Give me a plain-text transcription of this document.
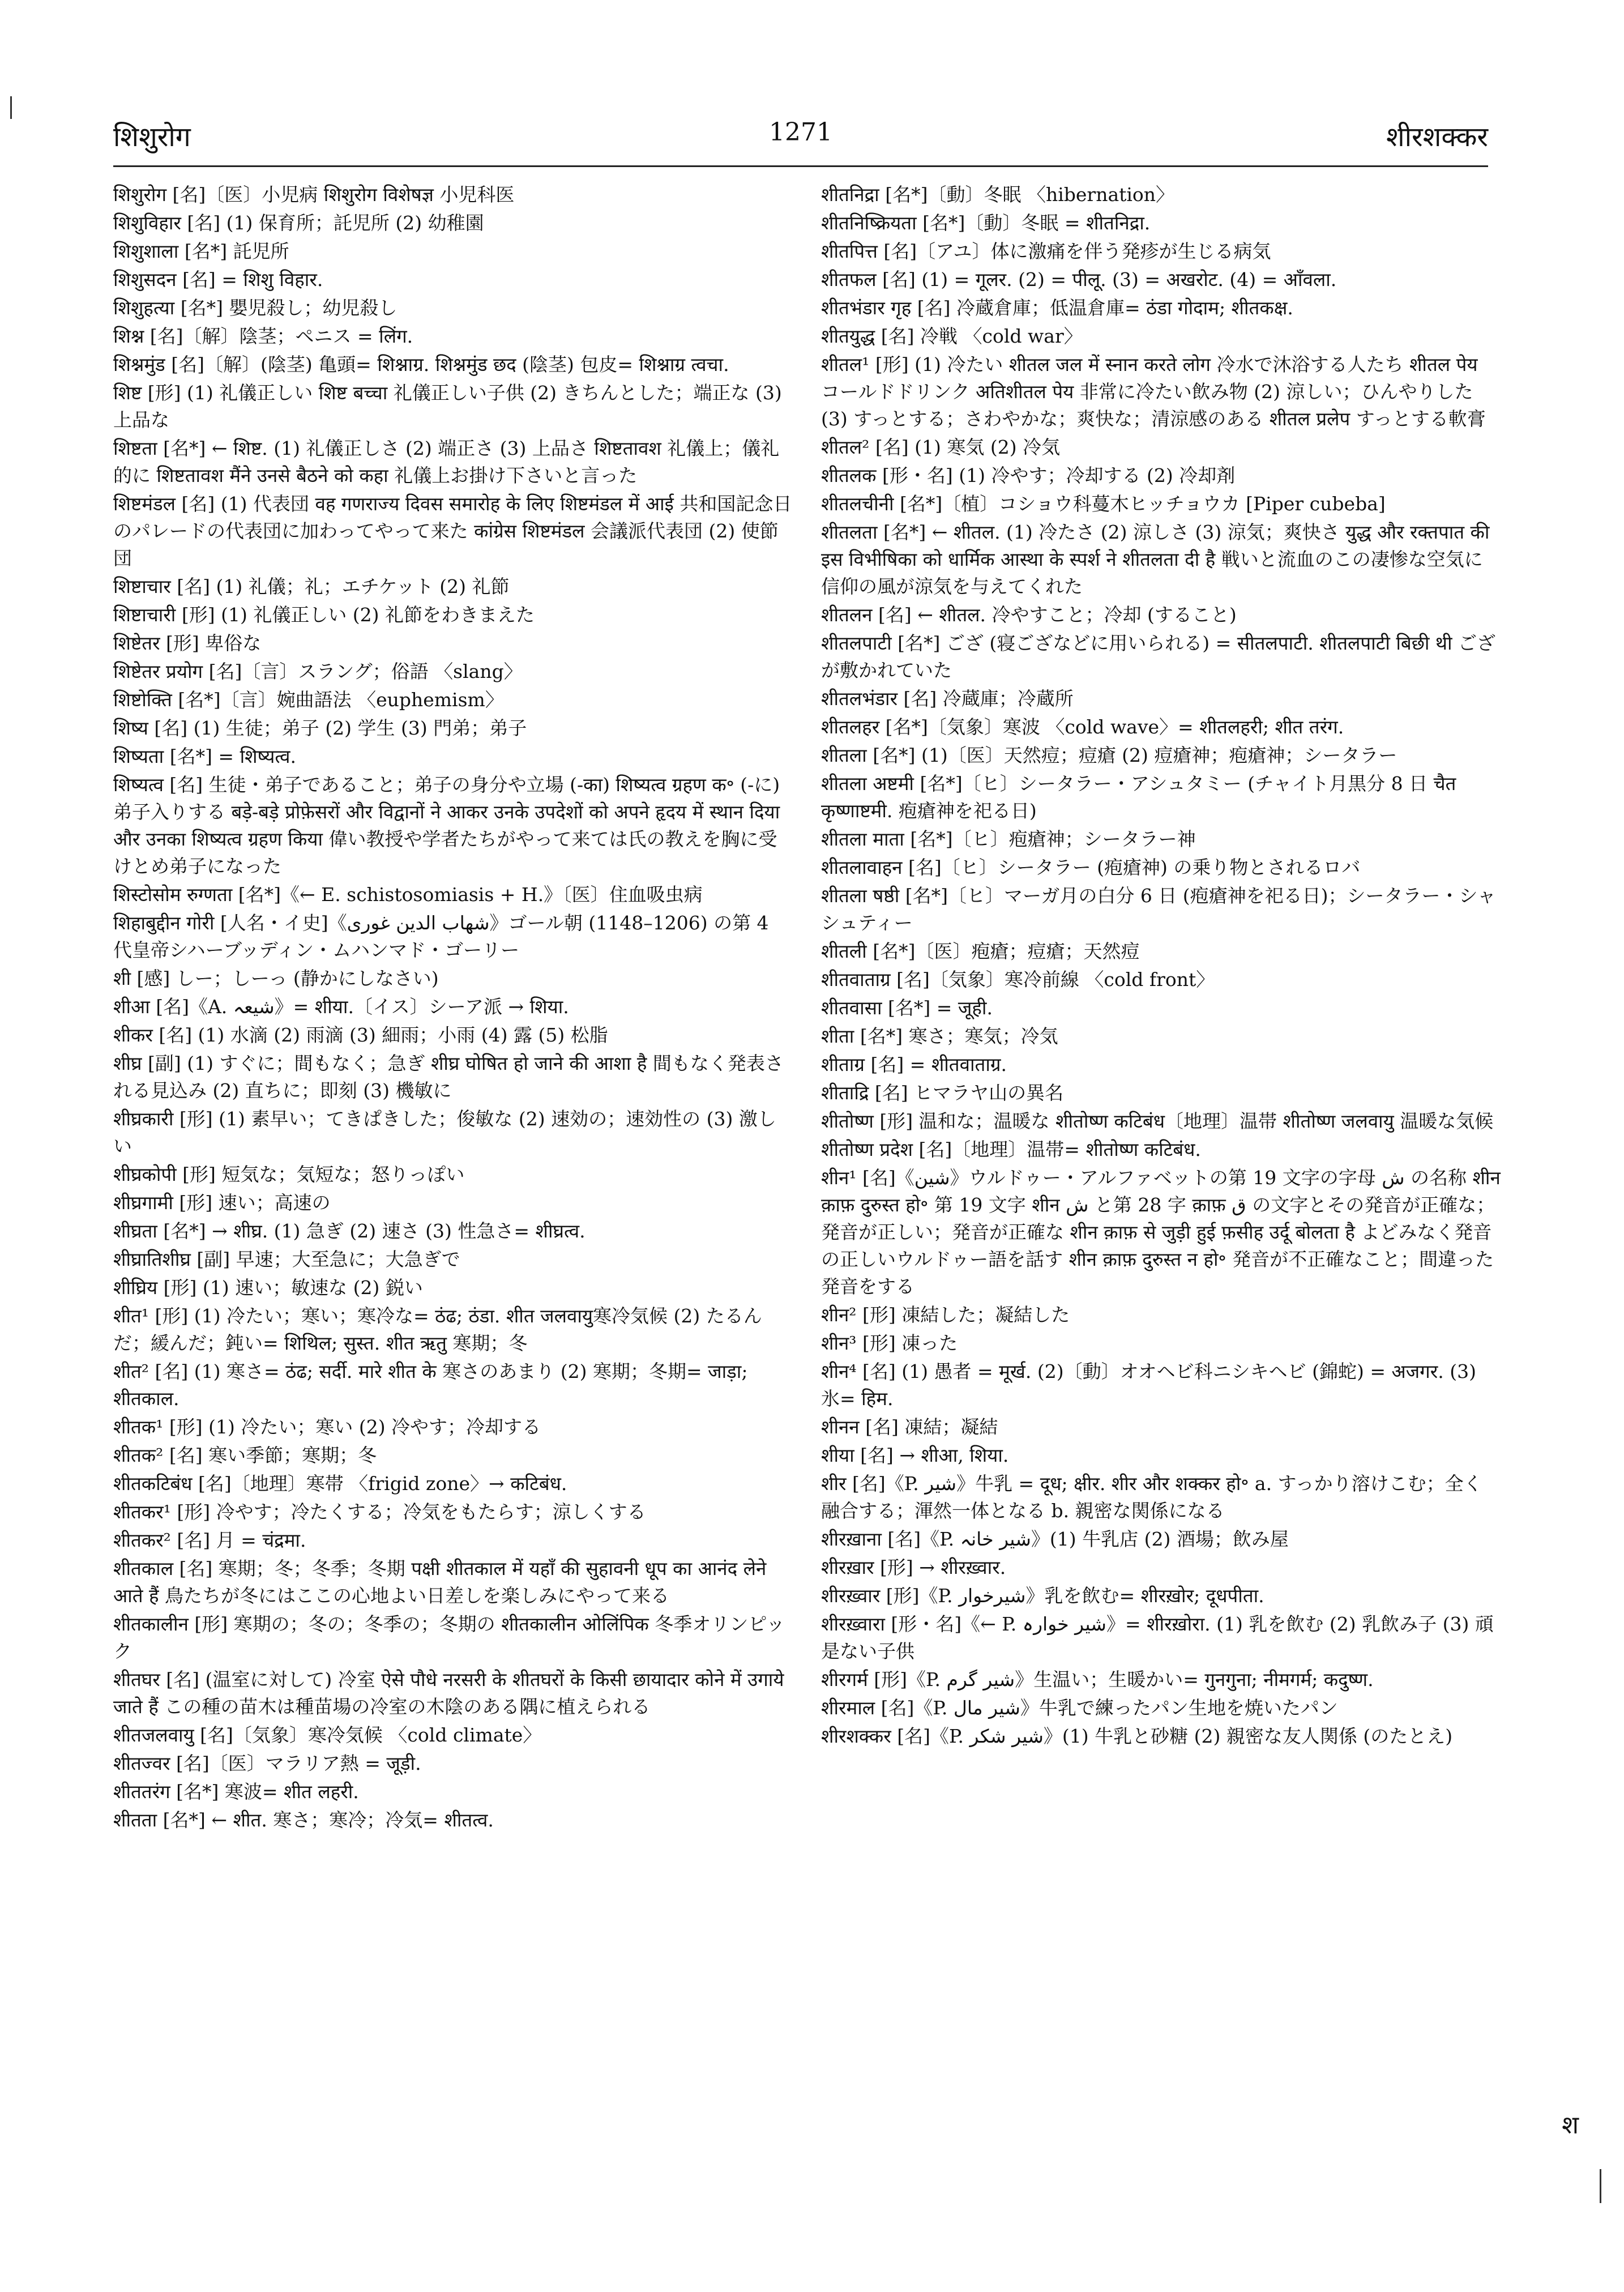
शिशुरोग	1271	शीरशक्कर
शिशुरोग [名]〔医〕小児病 शिशुरोग विशेषज्ञ 小児科医
शिशुविहार [名] (1) 保育所；託児所 (2) 幼稚園
शिशुशाला [名*] 託児所
शिशुसदन [名] = शिशु विहार.
शिशुहत्या [名*] 嬰児殺し；幼児殺し
शिश्न [名]〔解〕陰茎；ペニス = लिंग.
शिश्नमुंड [名]〔解〕(陰茎) 亀頭= शिश्नाग्र. शिश्नमुंड छद (陰茎) 包皮= शिश्नाग्र त्वचा.
शिष्ट [形] (1) 礼儀正しい शिष्ट बच्चा 礼儀正しい子供 (2) きちんとした；端正な (3) 上品な
शिष्टता [名*] ← शिष्ट. (1) 礼儀正しさ (2) 端正さ (3) 上品さ शिष्टतावश 礼儀上；儀礼的に शिष्टतावश मैंने उनसे बैठने को कहा 礼儀上お掛け下さいと言った
शिष्टमंडल [名] (1) 代表団 वह गणराज्य दिवस समारोह के लिए शिष्टमंडल में आई 共和国記念日のパレードの代表団に加わってやって来た कांग्रेस शिष्टमंडल 会議派代表団 (2) 使節団
शिष्टाचार [名] (1) 礼儀；礼；エチケット (2) 礼節
शिष्टाचारी [形] (1) 礼儀正しい (2) 礼節をわきまえた
शिष्टेतर [形] 卑俗な
शिष्टेतर प्रयोग [名]〔言〕スラング；俗語 〈slang〉
शिष्टोक्ति [名*]〔言〕婉曲語法 〈euphemism〉
शिष्य [名] (1) 生徒；弟子 (2) 学生 (3) 門弟；弟子
शिष्यता [名*] = शिष्यत्व.
शिष्यत्व [名] 生徒・弟子であること；弟子の身分や立場 (-का) शिष्यत्व ग्रहण क॰ (-に) 弟子入りする बड़े-बड़े प्रोफ़ेसरों और विद्वानों ने आकर उनके उपदेशों को अपने हृदय में स्थान दिया और उनका शिष्यत्व ग्रहण किया 偉い教授や学者たちがやって来ては氏の教えを胸に受けとめ弟子になった
शिस्टोसोम रुग्णता [名*]《← E. schistosomiasis + H.》〔医〕住血吸虫病
शिहाबुद्दीन गोरी [人名・イ史]《شهاب الدين غوری》ゴール朝 (1148–1206) の第 4 代皇帝シハーブッディン・ムハンマド・ゴーリー
शी [感] しー；しーっ (静かにしなさい)
शीआ [名]《A. شیعہ》= शीया.〔イス〕シーア派 → शिया.
शीकर [名] (1) 水滴 (2) 雨滴 (3) 細雨；小雨 (4) 露 (5) 松脂
शीघ्र [副] (1) すぐに；間もなく；急ぎ शीघ्र घोषित हो जाने की आशा है 間もなく発表される見込み (2) 直ちに；即刻 (3) 機敏に
शीघ्रकारी [形] (1) 素早い；てきぱきした；俊敏な (2) 速効の；速効性の (3) 激しい
शीघ्रकोपी [形] 短気な；気短な；怒りっぽい
शीघ्रगामी [形] 速い；高速の
शीघ्रता [名*] → शीघ्र. (1) 急ぎ (2) 速さ (3) 性急さ= शीघ्रत्व.
शीघ्रातिशीघ्र [副] 早速；大至急に；大急ぎで
शीघ्रिय [形] (1) 速い；敏速な (2) 鋭い
शीत¹ [形] (1) 冷たい；寒い；寒冷な= ठंढ; ठंडा. शीत जलवायु寒冷気候 (2) たるんだ；緩んだ；鈍い= शिथिल; सुस्त. शीत ऋतु 寒期；冬
शीत² [名] (1) 寒さ= ठंढ; सर्दी. मारे शीत के 寒さのあまり (2) 寒期；冬期= जाड़ा; शीतकाल.
शीतक¹ [形] (1) 冷たい；寒い (2) 冷やす；冷却する
शीतक² [名] 寒い季節；寒期；冬
शीतकटिबंध [名]〔地理〕寒帯 〈frigid zone〉→ कटिबंध.
शीतकर¹ [形] 冷やす；冷たくする；冷気をもたらす；涼しくする
शीतकर² [名] 月 = चंद्रमा.
शीतकाल [名] 寒期；冬；冬季；冬期 पक्षी शीतकाल में यहाँ की सुहावनी धूप का आनंद लेने आते हैं 鳥たちが冬にはここの心地よい日差しを楽しみにやって来る
शीतकालीन [形] 寒期の；冬の；冬季の；冬期の शीतकालीन ओलिंपिक 冬季オリンピック
शीतघर [名] (温室に対して) 冷室 ऐसे पौधे नरसरी के शीतघरों के किसी छायादार कोने में उगाये जाते हैं この種の苗木は種苗場の冷室の木陰のある隅に植えられる
शीतजलवायु [名]〔気象〕寒冷気候 〈cold climate〉
शीतज्वर [名]〔医〕マラリア熱 = जूड़ी.
शीततरंग [名*] 寒波= शीत लहरी.
शीतता [名*] ← शीत. 寒さ；寒冷；冷気= शीतत्व.
शीतनिद्रा [名*]〔動〕冬眠 〈hibernation〉
शीतनिष्क्रियता [名*]〔動〕冬眠 = शीतनिद्रा.
शीतपित्त [名]〔アユ〕体に激痛を伴う発疹が生じる病気
शीतफल [名] (1) = गूलर. (2) = पीलू. (3) = अखरोट. (4) = आँवला.
शीतभंडार गृह [名] 冷蔵倉庫；低温倉庫= ठंडा गोदाम; शीतकक्ष.
शीतयुद्ध [名] 冷戦 〈cold war〉
शीतल¹ [形] (1) 冷たい शीतल जल में स्नान करते लोग 冷水で沐浴する人たち शीतल पेय コールドドリンク अतिशीतल पेय 非常に冷たい飲み物 (2) 涼しい；ひんやりした (3) すっとする；さわやかな；爽快な；清涼感のある शीतल प्रलेप すっとする軟膏
शीतल² [名] (1) 寒気 (2) 冷気
शीतलक [形・名] (1) 冷やす；冷却する (2) 冷却剤
शीतलचीनी [名*]〔植〕コショウ科蔓木ヒッチョウカ [Piper cubeba]
शीतलता [名*] ← शीतल. (1) 冷たさ (2) 涼しさ (3) 涼気；爽快さ युद्ध और रक्तपात की इस विभीषिका को धार्मिक आस्था के स्पर्श ने शीतलता दी है 戦いと流血のこの凄惨な空気に信仰の風が涼気を与えてくれた
शीतलन [名] ← शीतल. 冷やすこと；冷却 (すること)
शीतलपाटी [名*] ござ (寝ござなどに用いられる) = सीतलपाटी. शीतलपाटी बिछी थी ござが敷かれていた
शीतलभंडार [名] 冷蔵庫；冷蔵所
शीतलहर [名*]〔気象〕寒波 〈cold wave〉= शीतलहरी; शीत तरंग.
शीतला [名*] (1)〔医〕天然痘；痘瘡 (2) 痘瘡神；疱瘡神；シータラー
शीतला अष्टमी [名*]〔ヒ〕シータラー・アシュタミー (チャイト月黒分 8 日 चैत कृष्णाष्टमी. 疱瘡神を祀る日)
शीतला माता [名*]〔ヒ〕疱瘡神；シータラー神
शीतलावाहन [名]〔ヒ〕シータラー (疱瘡神) の乗り物とされるロバ
शीतला षष्ठी [名*]〔ヒ〕マーガ月の白分 6 日 (疱瘡神を祀る日)；シータラー・シャシュティー
शीतली [名*]〔医〕疱瘡；痘瘡；天然痘
शीतवाताग्र [名]〔気象〕寒冷前線 〈cold front〉
शीतवासा [名*] = जूही.
शीता [名*] 寒さ；寒気；冷気
शीताग्र [名] = शीतवाताग्र.
शीताद्रि [名] ヒマラヤ山の異名
शीतोष्ण [形] 温和な；温暖な शीतोष्ण कटिबंध〔地理〕温帯 शीतोष्ण जलवायु 温暖な気候
शीतोष्ण प्रदेश [名]〔地理〕温帯= शीतोष्ण कटिबंध.
शीन¹ [名]《شين》ウルドゥー・アルファベットの第 19 文字の字母 ش の名称 शीन क़ाफ़ दुरुस्त हो॰ 第 19 文字 शीन ش と第 28 字 क़ाफ़ ق の文字とその発音が正確な；発音が正しい；発音が正確な शीन क़ाफ़ से जुड़ी हुई फ़सीह उर्दू बोलता है よどみなく発音の正しいウルドゥー語を話す शीन क़ाफ़ दुरुस्त न हो॰ 発音が不正確なこと；間違った発音をする
शीन² [形] 凍結した；凝結した
शीन³ [形] 凍った
शीन⁴ [名] (1) 愚者 = मूर्ख. (2)〔動〕オオヘビ科ニシキヘビ (錦蛇) = अजगर. (3) 氷= हिम.
शीनन [名] 凍結；凝結
शीया [名] → शीआ, शिया.
शीर [名]《P. شیر》牛乳 = दूध; क्षीर. शीर और शक्कर हो॰ a. すっかり溶けこむ；全く融合する；渾然一体となる b. 親密な関係になる
शीरख़ाना [名]《P. شیر خانہ》(1) 牛乳店 (2) 酒場；飲み屋
शीरख़ार [形] → शीरख़्वार.
शीरख़्वार [形]《P. شیرخوار》乳を飲む= शीरख़ोर; दूधपीता.
शीरख़्वारा [形・名]《← P. شیر خوارہ》= शीरख़ोरा. (1) 乳を飲む (2) 乳飲み子 (3) 頑是ない子供
शीरगर्म [形]《P. شیر گرم》生温い；生暖かい= गुनगुना; नीमगर्म; कदुष्ण.
शीरमाल [名]《P. شیر مال》牛乳で練ったパン生地を焼いたパン
शीरशक्कर [名]《P. شیر شکر》(1) 牛乳と砂糖 (2) 親密な友人関係 (のたとえ)
श
